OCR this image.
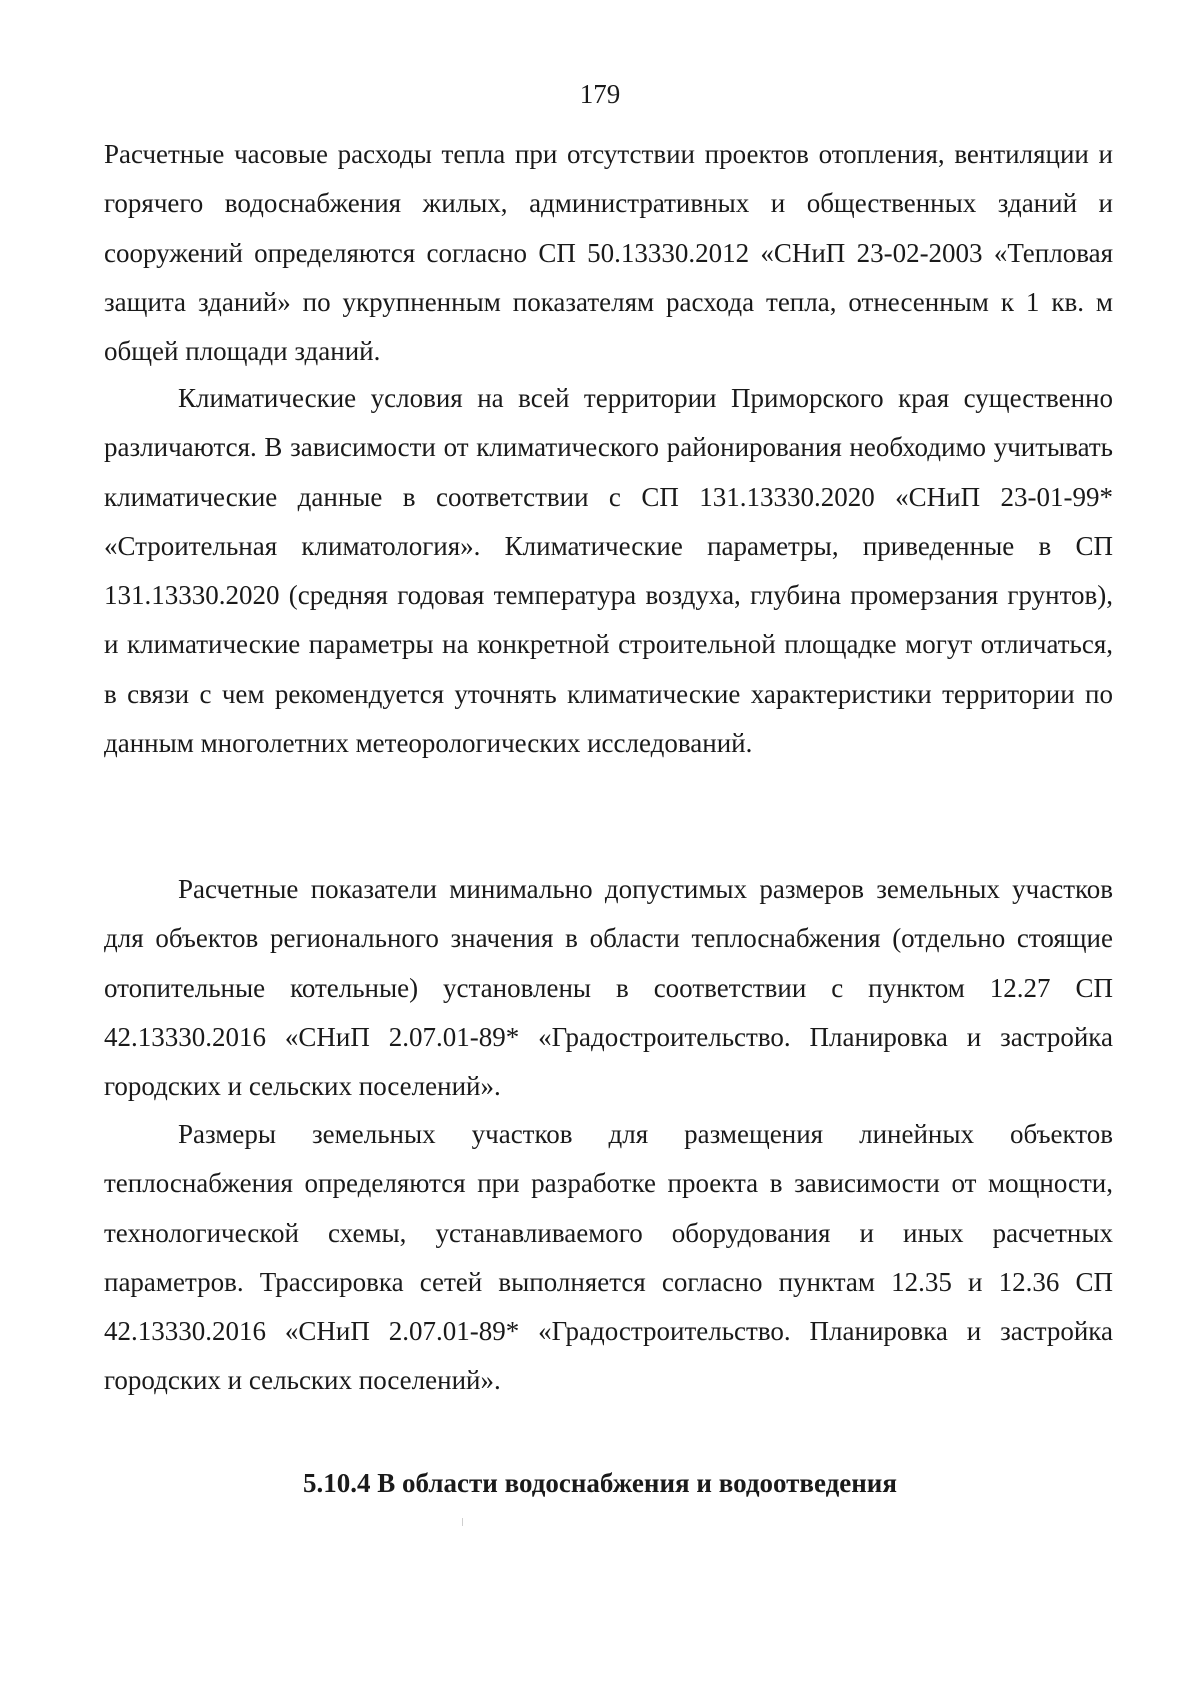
179

Расчетные часовые расходы тепла при отсутствии проектов отопления, вентиляции и горячего водоснабжения жилых, административных и общественных зданий и сооружений определяются согласно СП 50.13330.2012 «СНиП 23-02-2003 «Тепловая защита зданий» по укрупненным показателям расхода тепла, отнесенным к 1 кв. м общей площади зданий.

Климатические условия на всей территории Приморского края существенно различаются. В зависимости от климатического районирования необходимо учитывать климатические данные в соответствии с СП 131.13330.2020 «СНиП 23-01-99* «Строительная климатология». Климатические параметры, приведенные в СП 131.13330.2020 (средняя годовая температура воздуха, глубина промерзания грунтов), и климатические параметры на конкретной строительной площадке могут отличаться, в связи с чем рекомендуется уточнять климатические характеристики территории по данным многолетних метеорологических исследований.

Расчетные показатели минимально допустимых размеров земельных участков для объектов регионального значения в области теплоснабжения (отдельно стоящие отопительные котельные) установлены в соответствии с пунктом 12.27 СП 42.13330.2016 «СНиП 2.07.01-89* «Градостроительство. Планировка и застройка городских и сельских поселений».

Размеры земельных участков для размещения линейных объектов теплоснабжения определяются при разработке проекта в зависимости от мощности, технологической схемы, устанавливаемого оборудования и иных расчетных параметров. Трассировка сетей выполняется согласно пунктам 12.35 и 12.36 СП 42.13330.2016 «СНиП 2.07.01-89* «Градостроительство. Планировка и застройка городских и сельских поселений».

5.10.4 В области водоснабжения и водоотведения
